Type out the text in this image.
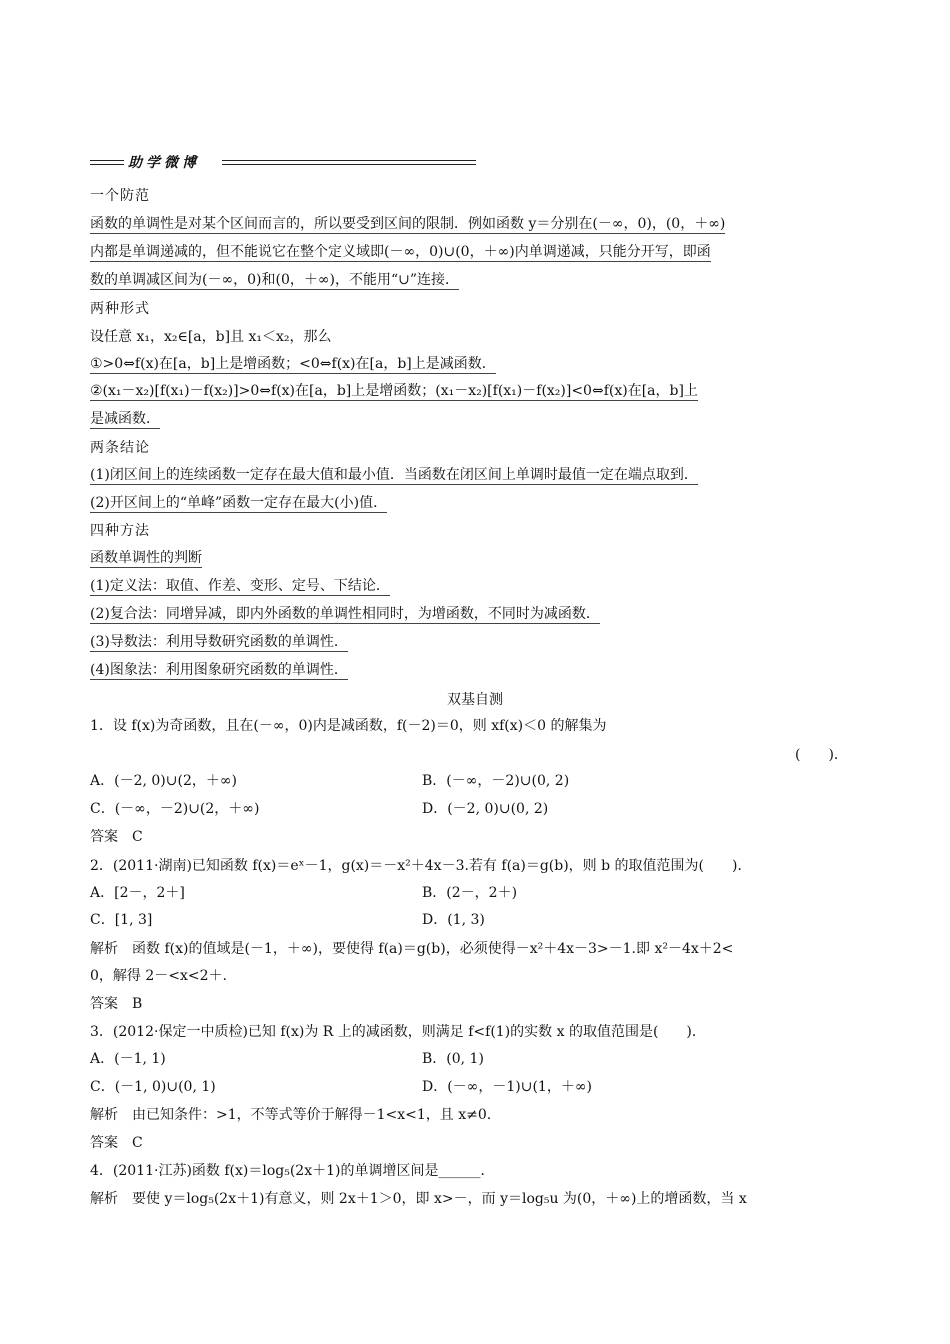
助学微博
一个防范
函数的单调性是对某个区间而言的，所以要受到区间的限制．例如函数 y＝分别在(－∞，0)，(0，＋∞)
内都是单调递减的，但不能说它在整个定义域即(－∞，0)∪(0，＋∞)内单调递减，只能分开写，即函
数的单调减区间为(－∞，0)和(0，＋∞)，不能用“∪”连接．
两种形式
设任意 x₁，x₂∈[a，b]且 x₁＜x₂，那么
①>0⇔f(x)在[a，b]上是增函数；<0⇔f(x)在[a，b]上是减函数．
②(x₁－x₂)[f(x₁)－f(x₂)]>0⇔f(x)在[a，b]上是增函数；(x₁－x₂)[f(x₁)－f(x₂)]<0⇔f(x)在[a，b]上
是减函数．
两条结论
(1)闭区间上的连续函数一定存在最大值和最小值．当函数在闭区间上单调时最值一定在端点取到．
(2)开区间上的“单峰”函数一定存在最大(小)值．
四种方法
函数单调性的判断
(1)定义法：取值、作差、变形、定号、下结论．
(2)复合法：同增异减，即内外函数的单调性相同时，为增函数，不同时为减函数．
(3)导数法：利用导数研究函数的单调性．
(4)图象法：利用图象研究函数的单调性．
双基自测
1．设 f(x)为奇函数，且在(－∞，0)内是减函数，f(－2)＝0，则 xf(x)＜0 的解集为
(　　)．
A．(－2, 0)∪(2，＋∞)	B．(－∞，－2)∪(0, 2)
C．(－∞，－2)∪(2，＋∞)	D．(－2, 0)∪(0, 2)
答案　C
2．(2011·湖南)已知函数 f(x)＝eˣ－1，g(x)＝－x²＋4x－3.若有 f(a)＝g(b)，则 b 的取值范围为(　　)．
A．[2－，2＋]	B．(2－，2＋)
C．[1, 3]	D．(1, 3)
解析　函数 f(x)的值域是(－1，＋∞)，要使得 f(a)＝g(b)，必须使得－x²＋4x－3>－1.即 x²－4x＋2<
0，解得 2－<x<2＋.
答案　B
3．(2012·保定一中质检)已知 f(x)为 R 上的减函数，则满足 f<f(1)的实数 x 的取值范围是(　　)．
A．(－1, 1)	B．(0, 1)
C．(－1, 0)∪(0, 1)	D．(－∞，－1)∪(1，＋∞)
解析　由已知条件：>1，不等式等价于解得－1<x<1，且 x≠0.
答案　C
4．(2011·江苏)函数 f(x)＝log₅(2x＋1)的单调增区间是______．
解析　要使 y＝log₅(2x＋1)有意义，则 2x＋1＞0，即 x>－，而 y＝log₅u 为(0，＋∞)上的增函数，当 x
